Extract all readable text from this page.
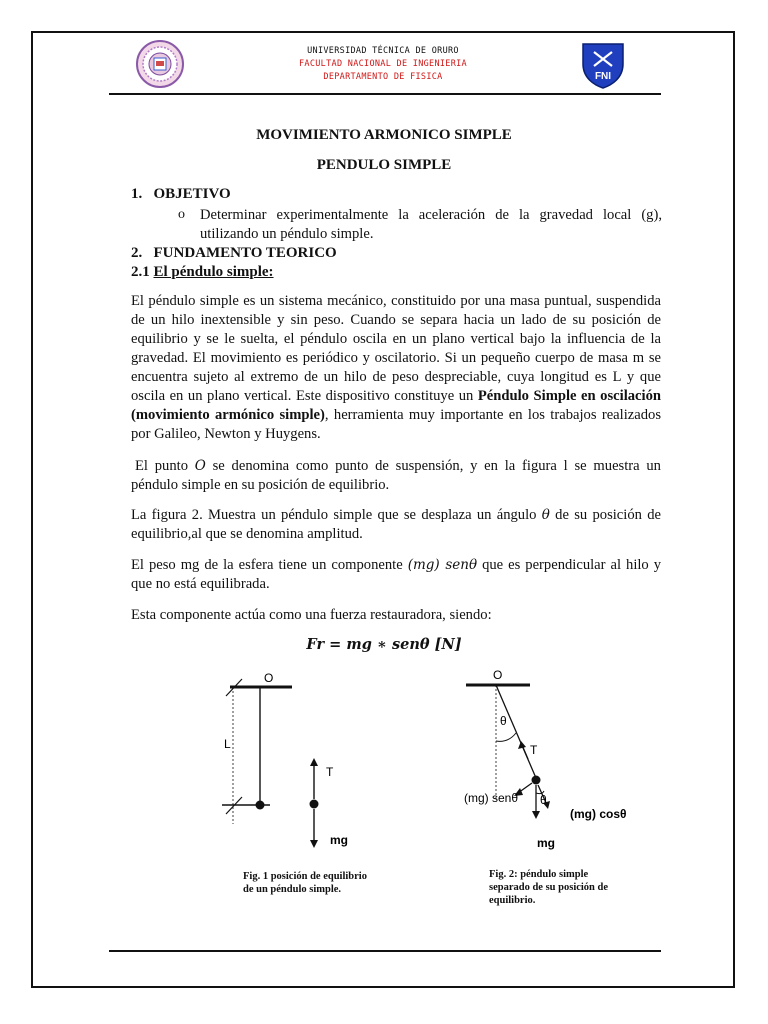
UNIVERSIDAD TÉCNICA DE ORURO
FACULTAD NACIONAL DE INGENIERIA
DEPARTAMENTO DE FISICA	FNI
MOVIMIENTO ARMONICO SIMPLE
PENDULO SIMPLE
1.   OBJETIVO
o Determinar experimentalmente la aceleración de la gravedad local (g), utilizando un péndulo simple.
2.   FUNDAMENTO TEORICO
2.1 El péndulo simple:
El péndulo simple es un sistema mecánico, constituido por una masa puntual, suspendida de un hilo inextensible y sin peso. Cuando se separa hacia un lado de su posición de equilibrio y se le suelta, el péndulo oscila en un plano vertical bajo la influencia de la gravedad. El movimiento es periódico y oscilatorio. Si un pequeño cuerpo de masa m se encuentra sujeto al extremo de un hilo de peso despreciable, cuya longitud es L y que oscila en un plano vertical. Este dispositivo constituye un Péndulo Simple en oscilación (movimiento armónico simple), herramienta muy importante en los trabajos realizados por Galileo, Newton y Huygens.
El punto O se denomina como punto de suspensión, y en la figura l se muestra un péndulo simple en su posición de equilibrio.
La figura 2. Muestra un péndulo simple que se desplaza un ángulo θ de su posición de equilibrio,al que se denomina amplitud.
El peso mg de la esfera tiene un componente (mg) senθ que es perpendicular al hilo y que no está equilibrada.
Esta componente actúa como una fuerza restauradora, siendo:
Fr = mg ∗ senθ [N]
O
L
T
mg
Fig. 1 posición de equilibrio de un péndulo simple.
O
θ
T
θ
(mg) senθ
(mg) cosθ
mg
Fig. 2: péndulo simple separado de su posición de equilibrio.
